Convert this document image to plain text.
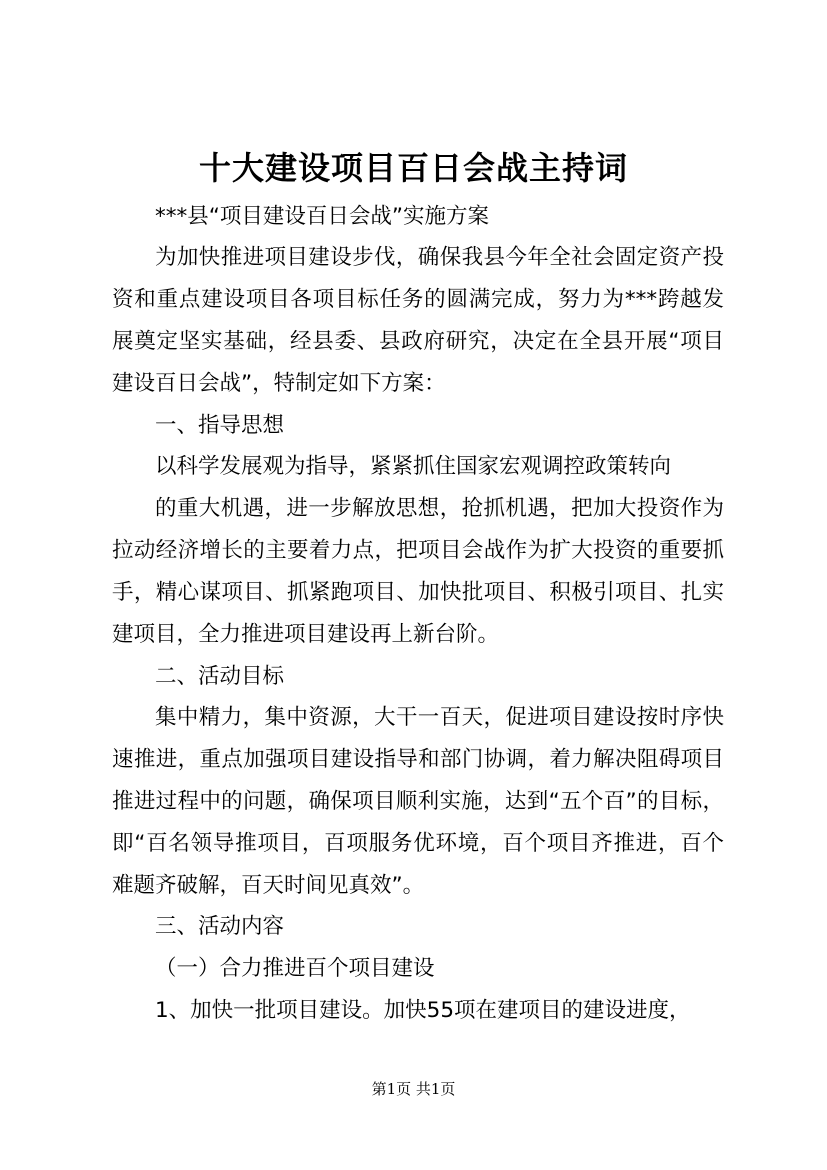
十大建设项目百日会战主持词
***县“项目建设百日会战”实施方案
为加快推进项目建设步伐，确保我县今年全社会固定资产投
资和重点建设项目各项目标任务的圆满完成，努力为***跨越发
展奠定坚实基础，经县委、县政府研究，决定在全县开展“项目
建设百日会战”，特制定如下方案：
一、指导思想
以科学发展观为指导，紧紧抓住国家宏观调控政策转向
的重大机遇，进一步解放思想，抢抓机遇，把加大投资作为
拉动经济增长的主要着力点，把项目会战作为扩大投资的重要抓
手，精心谋项目、抓紧跑项目、加快批项目、积极引项目、扎实
建项目，全力推进项目建设再上新台阶。
二、活动目标
集中精力，集中资源，大干一百天，促进项目建设按时序快
速推进，重点加强项目建设指导和部门协调，着力解决阻碍项目
推进过程中的问题，确保项目顺利实施，达到“五个百”的目标，
即“百名领导推项目，百项服务优环境，百个项目齐推进，百个
难题齐破解，百天时间见真效”。
三、活动内容
（一）合力推进百个项目建设
1、加快一批项目建设。加快55项在建项目的建设进度，
第1页 共1页
